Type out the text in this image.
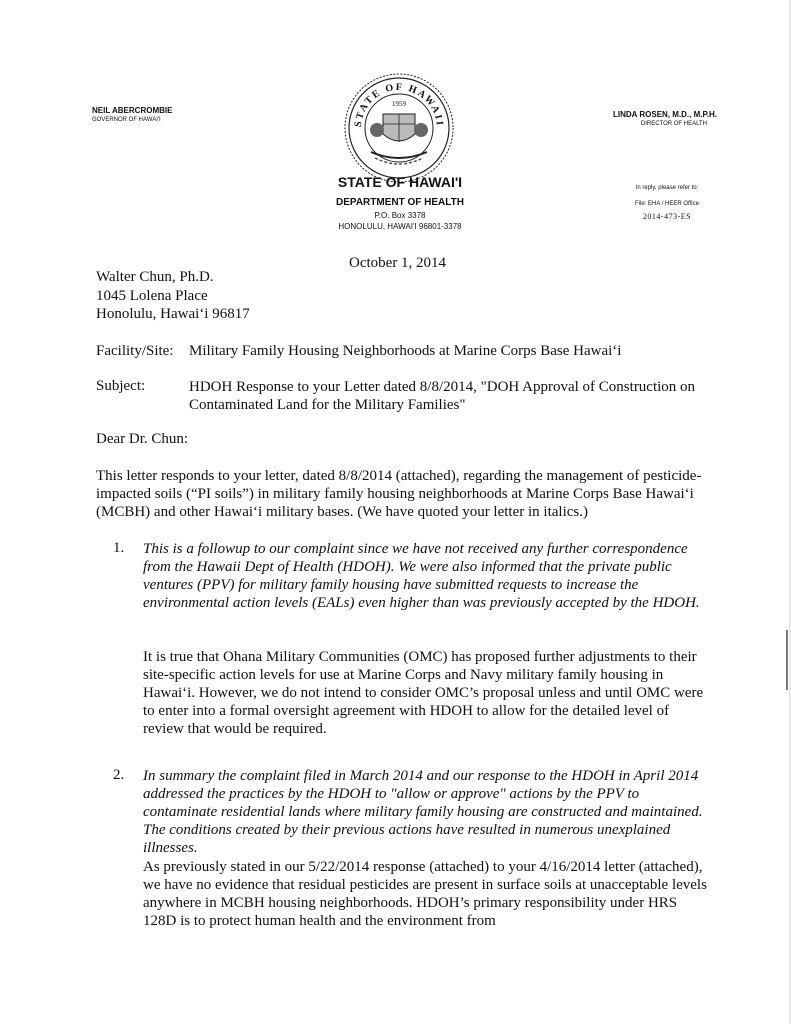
NEIL ABERCROMBIE
GOVERNOR OF HAWAI'I	STATE OF HAWAII
1959
LINDA ROSEN, M.D., M.P.H.
DIRECTOR OF HEALTH
STATE OF HAWAI'I
DEPARTMENT OF HEALTH
P.O. Box 3378
HONOLULU, HAWAI'I 96801-3378
In reply, please refer to:
File: EHA / HEER Office
2014-473-ES
October 1, 2014
Walter Chun, Ph.D.
1045 Lolena Place
Honolulu, Hawai‘i 96817
Facility/Site: Military Family Housing Neighborhoods at Marine Corps Base Hawai‘i
Subject:	HDOH Response to your Letter dated 8/8/2014, "DOH Approval of Construction on Contaminated Land for the Military Families"
Dear Dr. Chun:

This letter responds to your letter, dated 8/8/2014 (attached), regarding the management of pesticide-impacted soils (“PI soils”) in military family housing neighborhoods at Marine Corps Base Hawai‘i (MCBH) and other Hawai‘i military bases. (We have quoted your letter in italics.)

1. This is a followup to our complaint since we have not received any further correspondence from the Hawaii Dept of Health (HDOH). We were also informed that the private public ventures (PPV) for military family housing have submitted requests to increase the environmental action levels (EALs) even higher than was previously accepted by the HDOH.

It is true that Ohana Military Communities (OMC) has proposed further adjustments to their site-specific action levels for use at Marine Corps and Navy military family housing in Hawai‘i. However, we do not intend to consider OMC’s proposal unless and until OMC were to enter into a formal oversight agreement with HDOH to allow for the detailed level of review that would be required.

2. In summary the complaint filed in March 2014 and our response to the HDOH in April 2014 addressed the practices by the HDOH to "allow or approve" actions by the PPV to contaminate residential lands where military family housing are constructed and maintained. The conditions created by their previous actions have resulted in numerous unexplained illnesses.

As previously stated in our 5/22/2014 response (attached) to your 4/16/2014 letter (attached), we have no evidence that residual pesticides are present in surface soils at unacceptable levels anywhere in MCBH housing neighborhoods. HDOH’s primary responsibility under HRS 128D is to protect human health and the environment from
